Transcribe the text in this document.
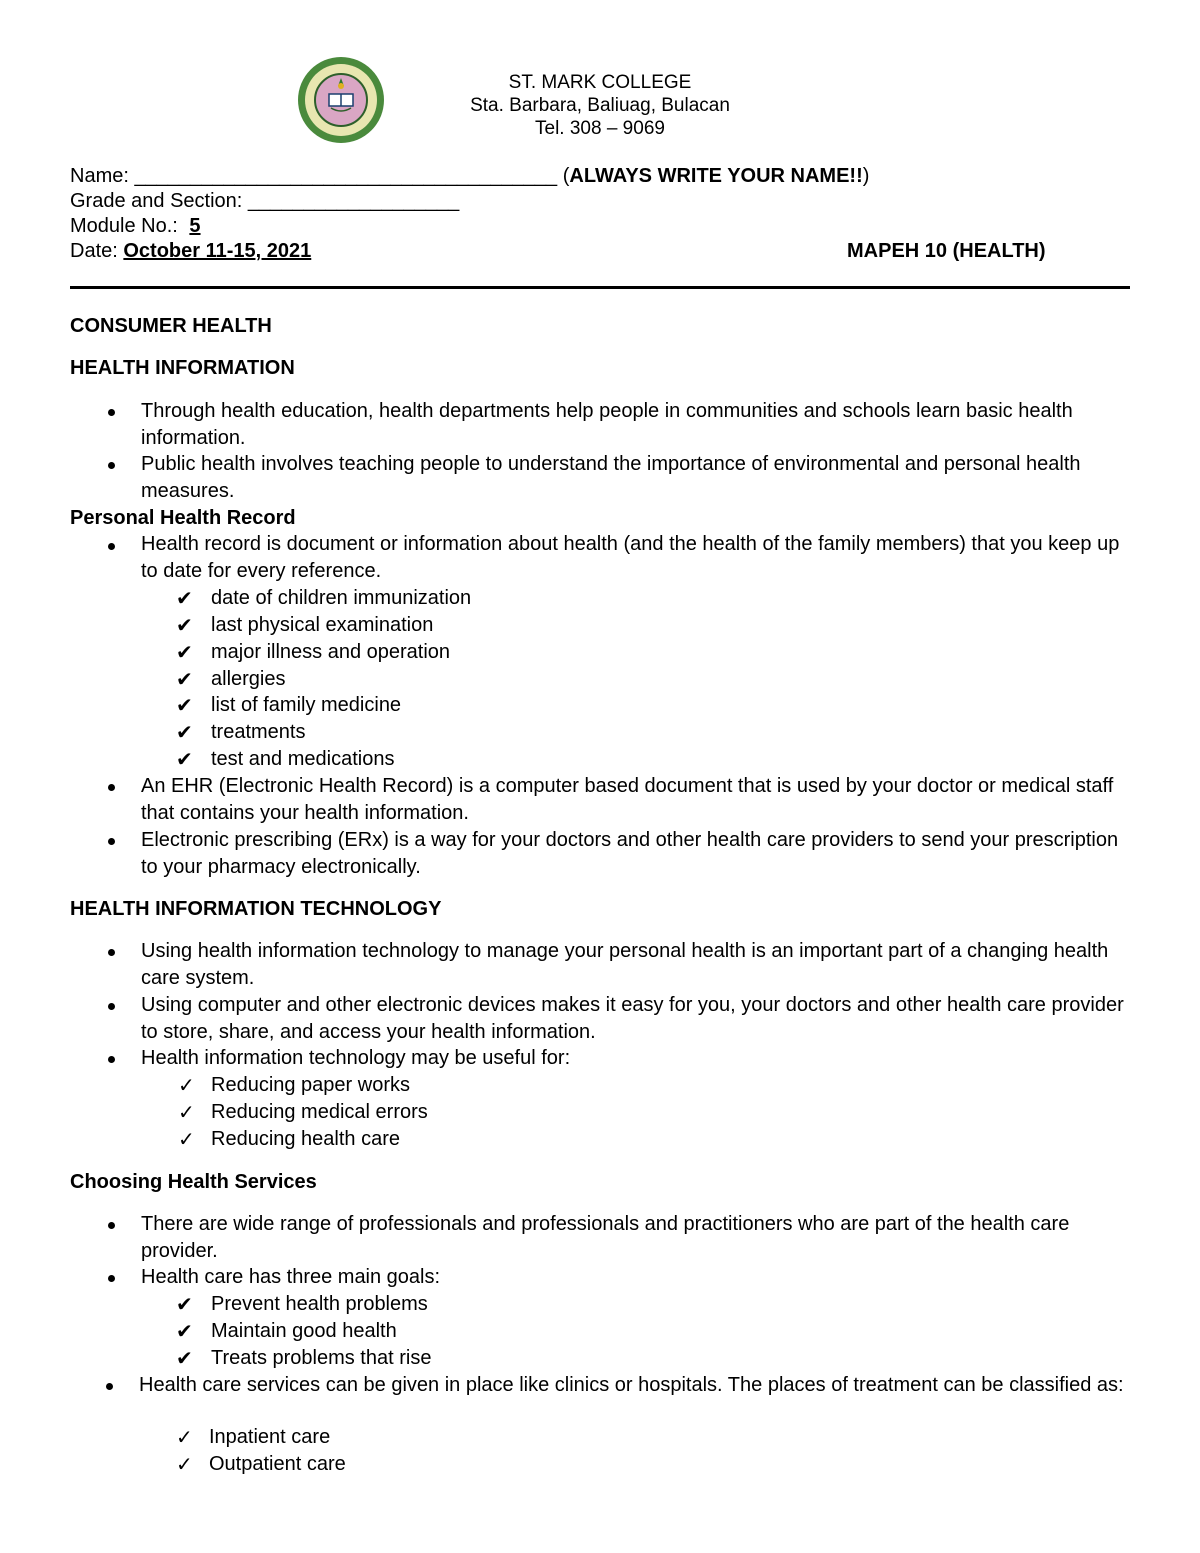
ST. MARK COLLEGE
Sta. Barbara, Baliuag, Bulacan
Tel. 308 – 9069
Name: ______________________________________ (ALWAYS WRITE YOUR NAME!!)
Grade and Section: ___________________
Module No.: 5
Date: October 11-15, 2021	MAPEH 10 (HEALTH)
CONSUMER HEALTH
HEALTH INFORMATION
Through health education, health departments help people in communities and schools learn basic health information.
Public health involves teaching people to understand the importance of environmental and personal health measures.
Personal Health Record
Health record is document or information about health (and the health of the family members) that you keep up to date for every reference.
✔ date of children immunization
✔ last physical examination
✔ major illness and operation
✔ allergies
✔ list of family medicine
✔ treatments
✔ test and medications
An EHR (Electronic Health Record) is a computer based document that is used by your doctor or medical staff that contains your health information.
Electronic prescribing (ERx) is a way for your doctors and other health care providers to send your prescription to your pharmacy electronically.
HEALTH INFORMATION TECHNOLOGY
Using health information technology to manage your personal health is an important part of a changing health care system.
Using computer and other electronic devices makes it easy for you, your doctors and other health care provider to store, share, and access your health information.
Health information technology may be useful for:
✓ Reducing paper works
✓ Reducing medical errors
✓ Reducing health care
Choosing Health Services
There are wide range of professionals and professionals and practitioners who are part of the health care provider.
Health care has three main goals:
✔ Prevent health problems
✔ Maintain good health
✔ Treats problems that rise
Health care services can be given in place like clinics or hospitals. The places of treatment can be classified as:
✓ Inpatient care
✓ Outpatient care
